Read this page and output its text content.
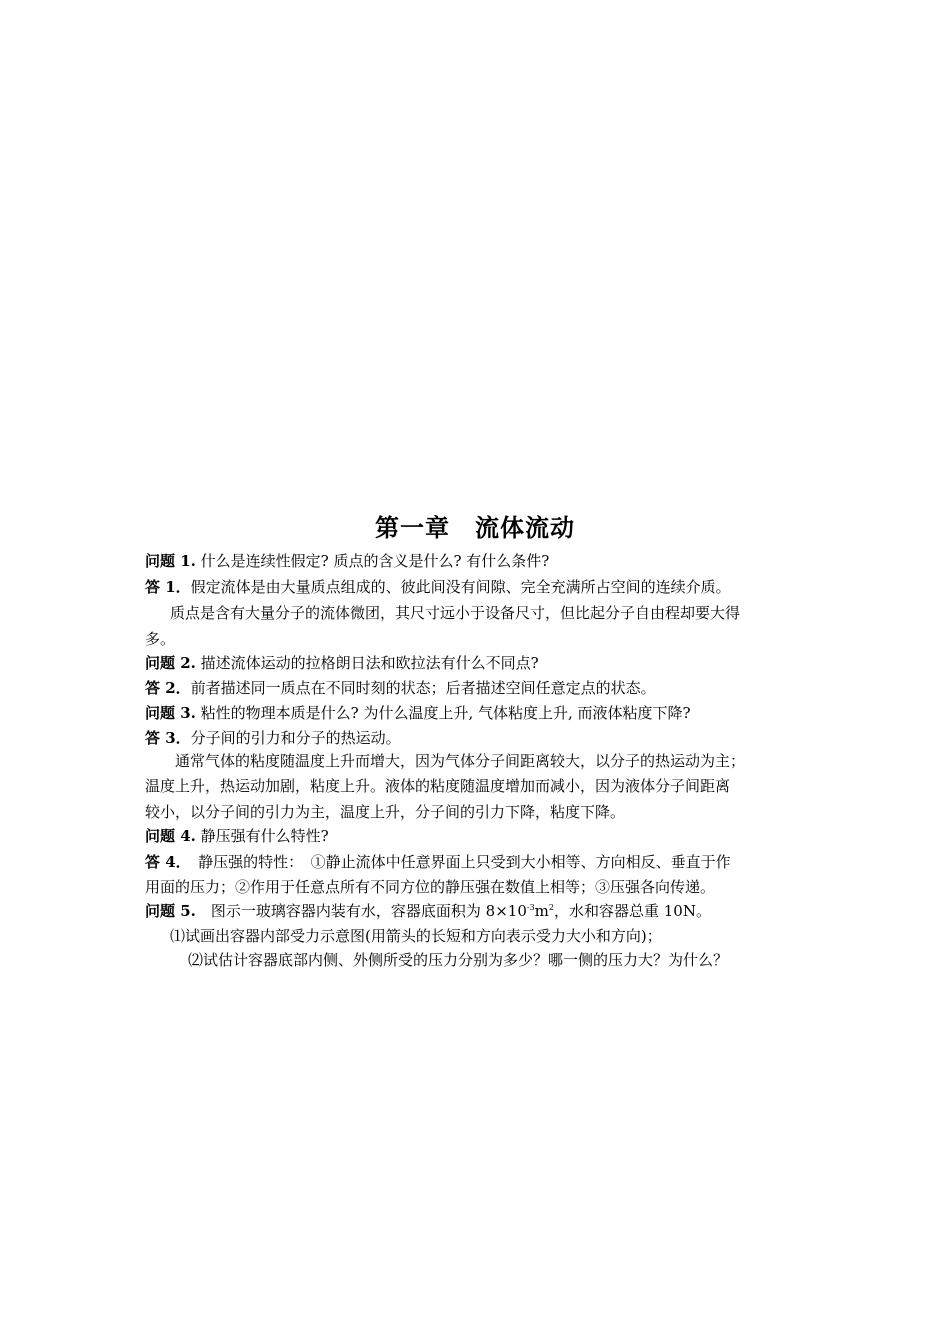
第一章　流体流动
问题 1. 什么是连续性假定? 质点的含义是什么? 有什么条件?
答 1．假定流体是由大量质点组成的、彼此间没有间隙、完全充满所占空间的连续介质。
质点是含有大量分子的流体微团，其尺寸远小于设备尺寸，但比起分子自由程却要大得
多。
问题 2. 描述流体运动的拉格朗日法和欧拉法有什么不同点?
答 2．前者描述同一质点在不同时刻的状态；后者描述空间任意定点的状态。
问题 3. 粘性的物理本质是什么? 为什么温度上升, 气体粘度上升, 而液体粘度下降?
答 3．分子间的引力和分子的热运动。
通常气体的粘度随温度上升而增大，因为气体分子间距离较大，以分子的热运动为主；
温度上升，热运动加剧，粘度上升。液体的粘度随温度增加而减小，因为液体分子间距离
较小，以分子间的引力为主，温度上升，分子间的引力下降，粘度下降。
问题 4. 静压强有什么特性?
答 4．　静压强的特性：　①静止流体中任意界面上只受到大小相等、方向相反、垂直于作
用面的压力；②作用于任意点所有不同方位的静压强在数值上相等；③压强各向传递。
问题 5.　图示一玻璃容器内装有水，容器底面积为 $8\times 10^{-3}m^2$，水和容器总重 10N。
⑴试画出容器内部受力示意图(用箭头的长短和方向表示受力大小和方向)；
⑵试估计容器底部内侧、外侧所受的压力分别为多少？哪一侧的压力大？为什么？
